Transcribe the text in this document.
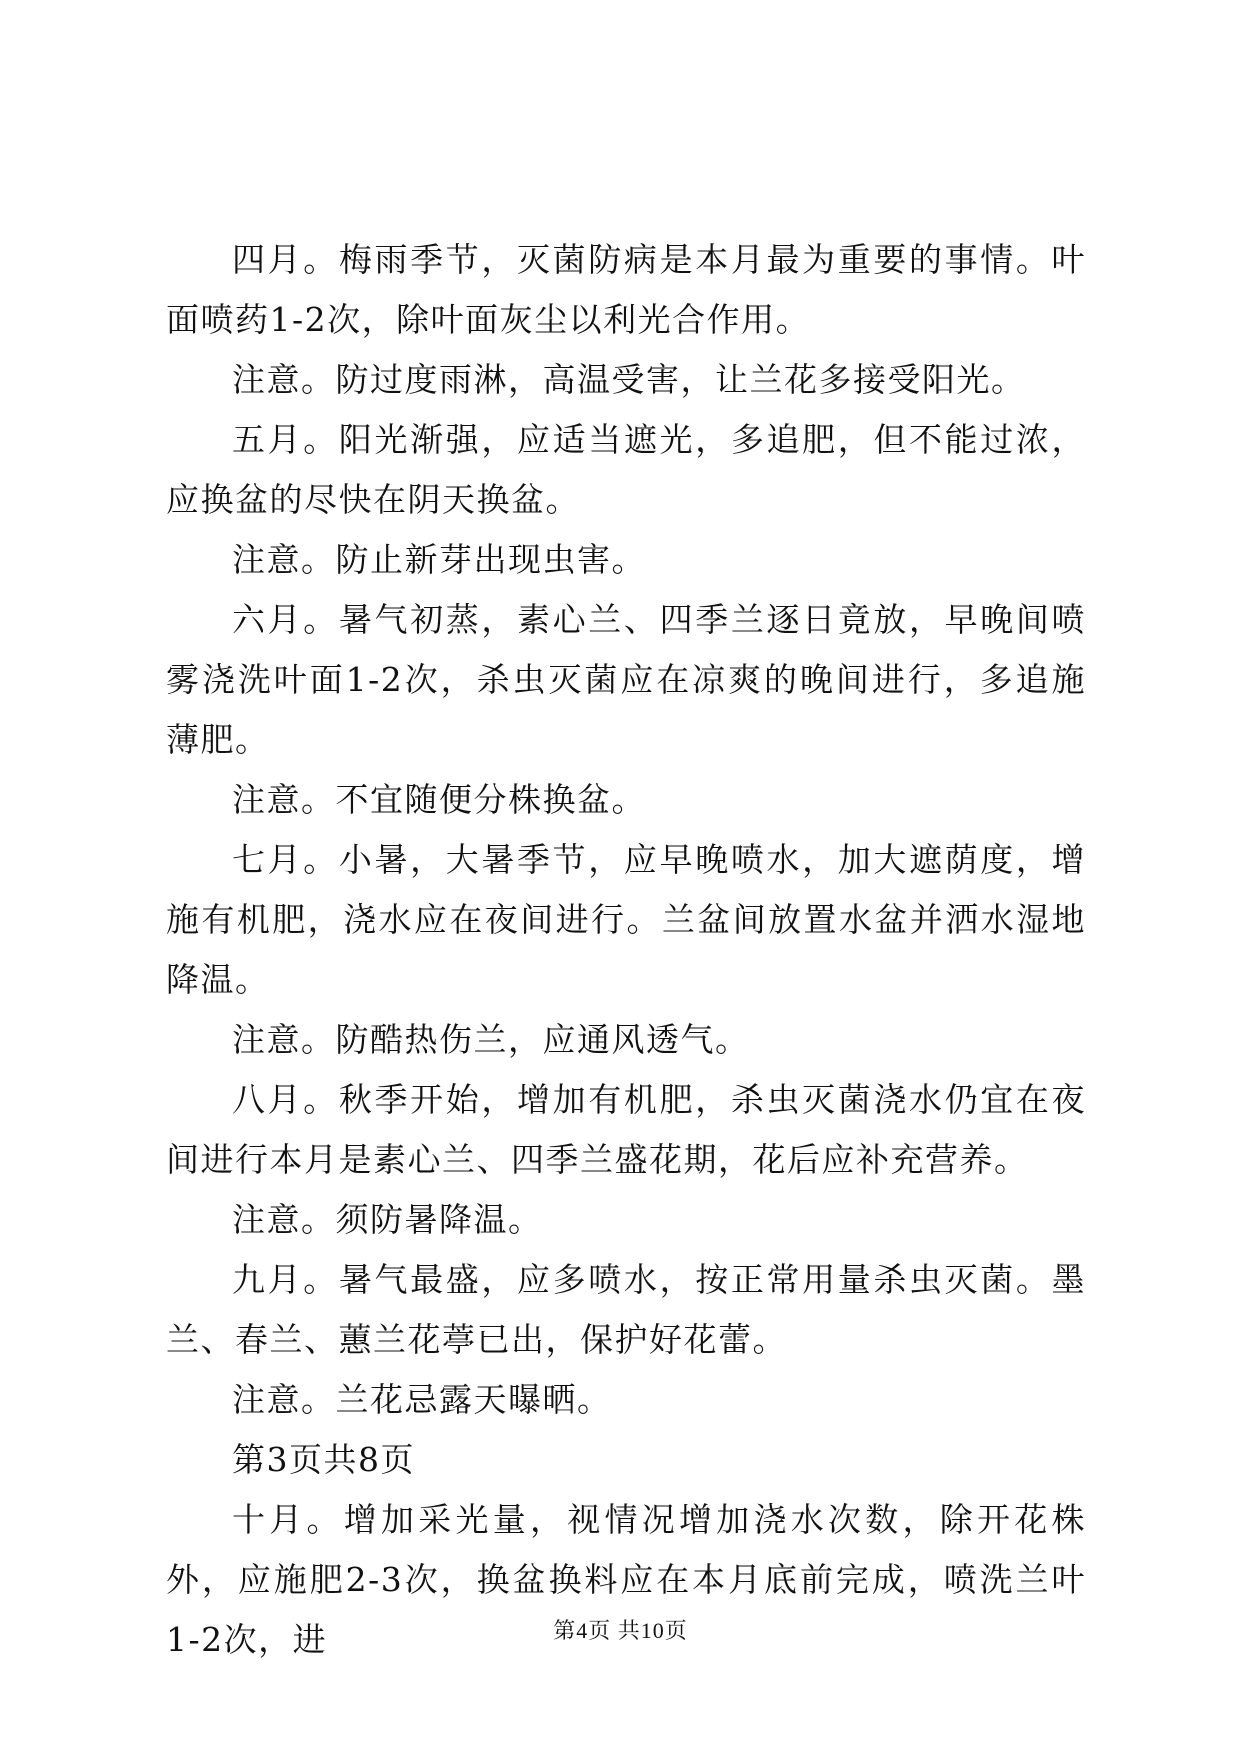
四月。梅雨季节，灭菌防病是本月最为重要的事情。叶面喷药1-2次，除叶面灰尘以利光合作用。

注意。防过度雨淋，高温受害，让兰花多接受阳光。

五月。阳光渐强，应适当遮光，多追肥，但不能过浓，应换盆的尽快在阴天换盆。

注意。防止新芽出现虫害。

六月。暑气初蒸，素心兰、四季兰逐日竟放，早晚间喷雾浇洗叶面1-2次，杀虫灭菌应在凉爽的晚间进行，多追施薄肥。

注意。不宜随便分株换盆。

七月。小暑，大暑季节，应早晚喷水，加大遮荫度，增施有机肥，浇水应在夜间进行。兰盆间放置水盆并洒水湿地降温。

注意。防酷热伤兰，应通风透气。

八月。秋季开始，增加有机肥，杀虫灭菌浇水仍宜在夜间进行本月是素心兰、四季兰盛花期，花后应补充营养。

注意。须防暑降温。

九月。暑气最盛，应多喷水，按正常用量杀虫灭菌。墨兰、春兰、蕙兰花葶已出，保护好花蕾。

注意。兰花忌露天曝晒。

第3页共8页

十月。增加采光量，视情况增加浇水次数，除开花株外，应施肥2-3次，换盆换料应在本月底前完成，喷洗兰叶1-2次，进	第4页 共10页
